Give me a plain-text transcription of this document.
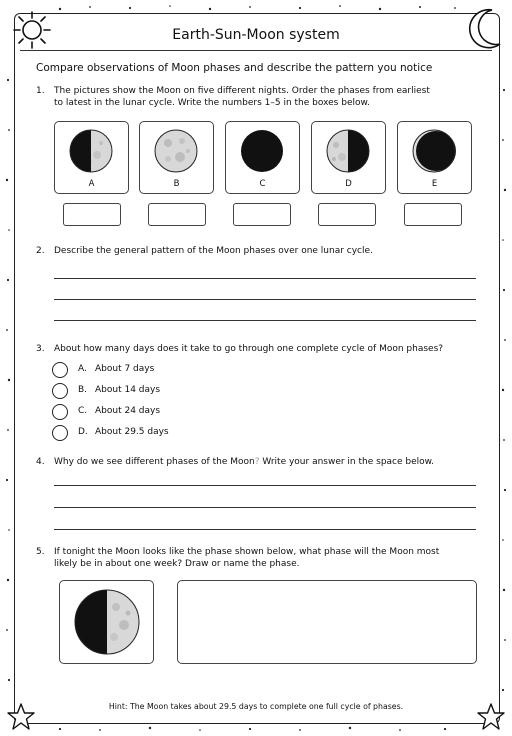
Earth-Sun-Moon system
Compare observations of Moon phases and describe the pattern you notice
1. The pictures show the Moon on five different nights. Order the phases from earliest to latest in the lunar cycle. Write the numbers 1–5 in the boxes below.
A	B	C	D	E
2. Describe the general pattern of the Moon phases over one lunar cycle.
3. About how many days does it take to go through one complete cycle of Moon phases?
A. About 7 days
B. About 14 days
C. About 24 days
D. About 29.5 days
4. Why do we see different phases of the Moon? Write your answer in the space below.
5. If tonight the Moon looks like the phase shown below, what phase will the Moon most likely be in about one week? Draw or name the phase.
Hint: The Moon takes about 29.5 days to complete one full cycle of phases.
